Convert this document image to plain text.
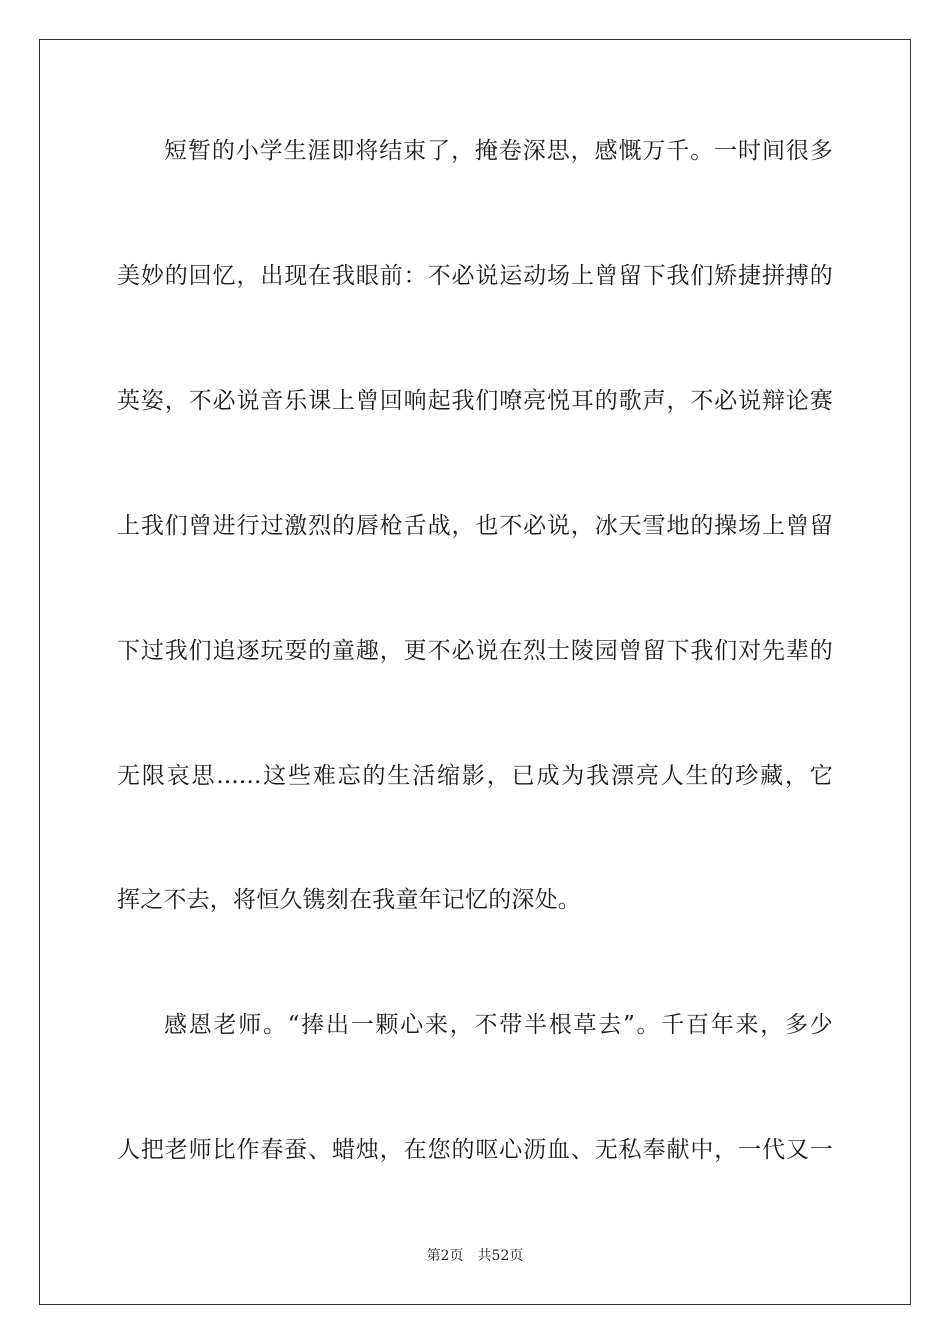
短暂的小学生涯即将结束了，掩卷深思，感慨万千。一时间很多
美妙的回忆，出现在我眼前：不必说运动场上曾留下我们矫捷拼搏的
英姿，不必说音乐课上曾回响起我们嘹亮悦耳的歌声，不必说辩论赛
上我们曾进行过激烈的唇枪舌战，也不必说，冰天雪地的操场上曾留
下过我们追逐玩耍的童趣，更不必说在烈士陵园曾留下我们对先辈的
无限哀思......这些难忘的生活缩影，已成为我漂亮人生的珍藏，它
挥之不去，将恒久镌刻在我童年记忆的深处。
感恩老师。“捧出一颗心来，不带半根草去”。千百年来，多少
人把老师比作春蚕、蜡烛，在您的呕心沥血、无私奉献中，一代又一
第2页 共52页
